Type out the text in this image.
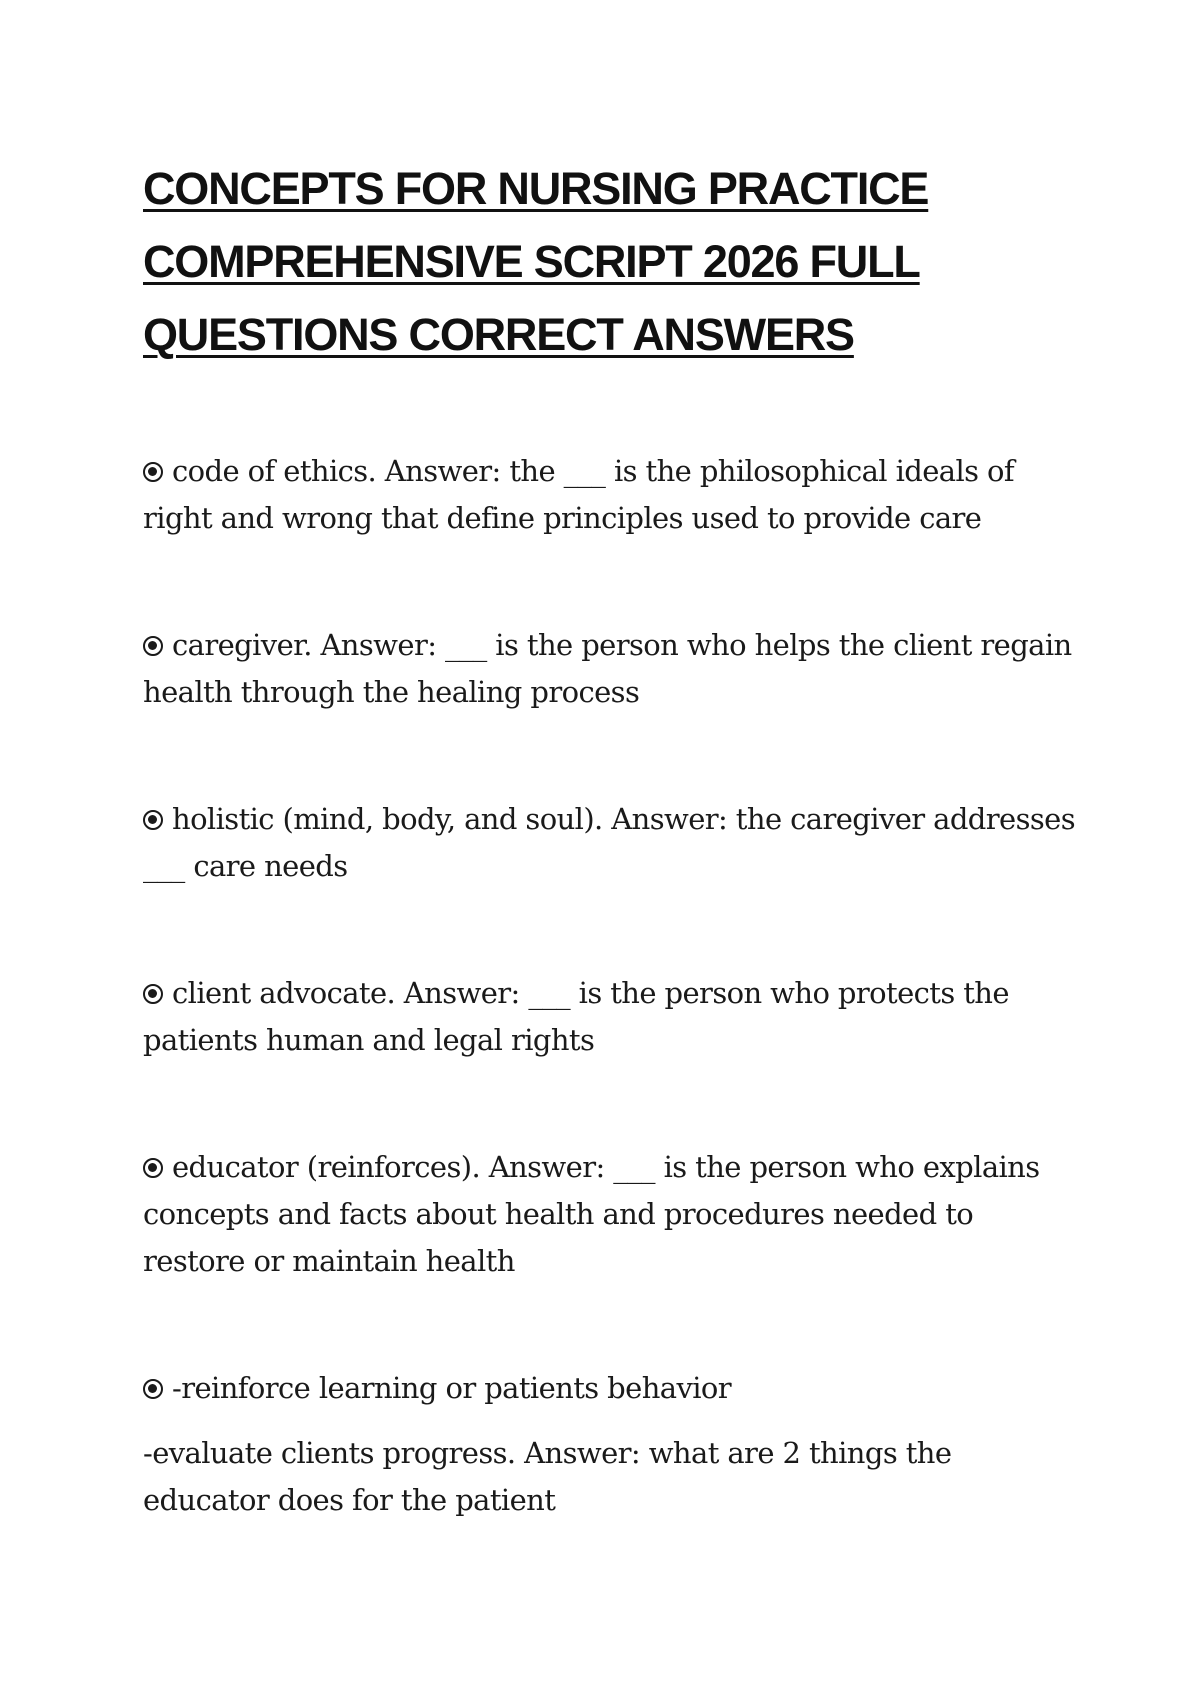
CONCEPTS FOR NURSING PRACTICE
COMPREHENSIVE SCRIPT 2026 FULL
QUESTIONS CORRECT ANSWERS

code of ethics. Answer: the ___ is the philosophical ideals of right and wrong that define principles used to provide care

caregiver. Answer: ___ is the person who helps the client regain health through the healing process

holistic (mind, body, and soul). Answer: the caregiver addresses ___ care needs

client advocate. Answer: ___ is the person who protects the patients human and legal rights

educator (reinforces). Answer: ___ is the person who explains concepts and facts about health and procedures needed to restore or maintain health

-reinforce learning or patients behavior

-evaluate clients progress. Answer: what are 2 things the educator does for the patient
